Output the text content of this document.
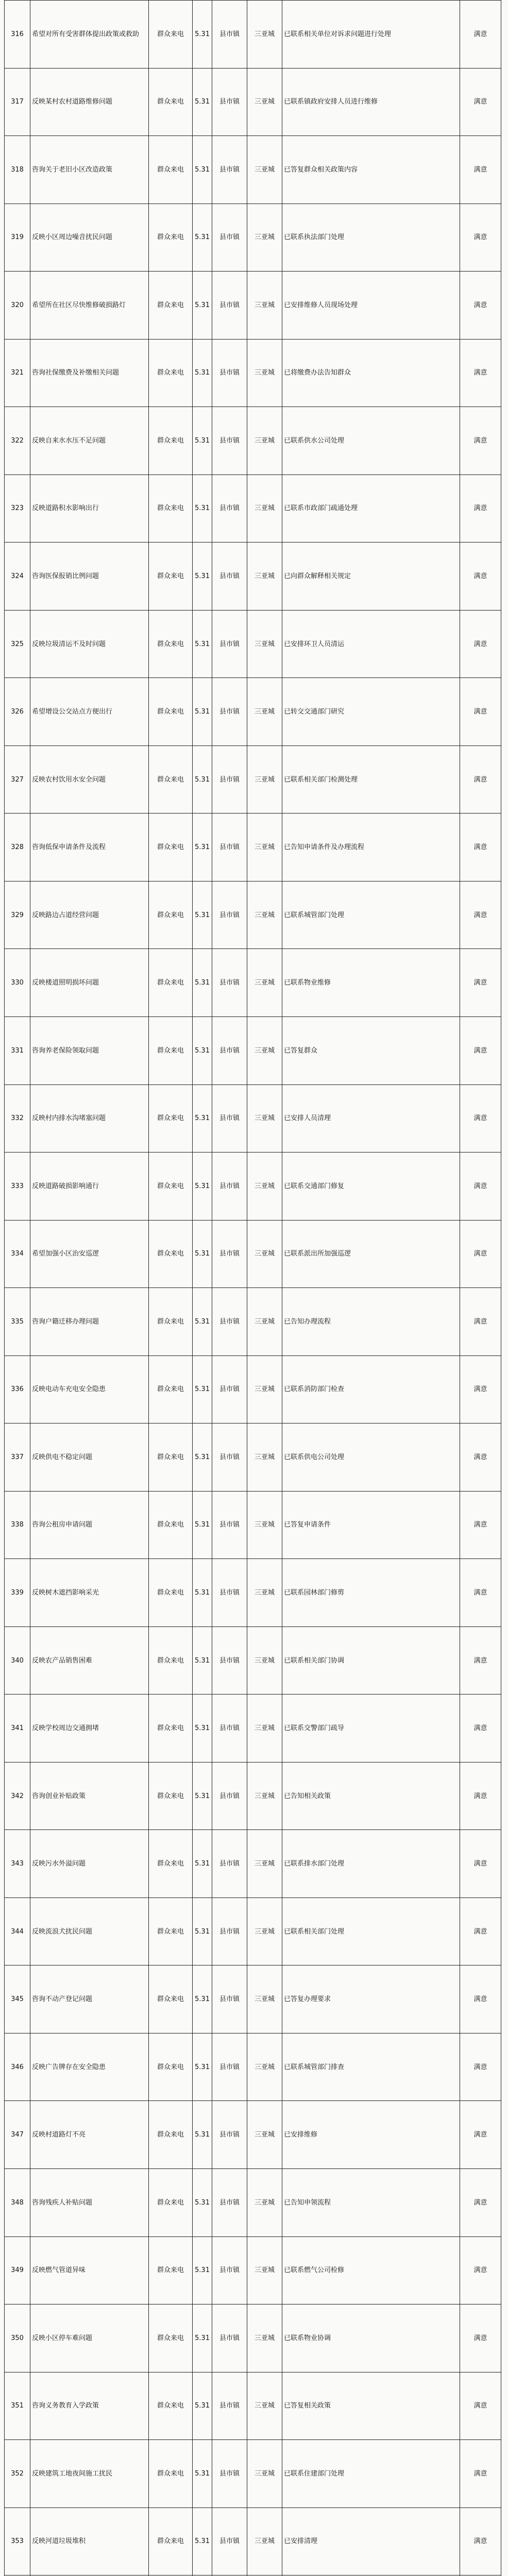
316	希望对所有受害群体提出政策或救助	群众来电	5.31	县市镇	三亚城	已联系相关单位对诉求问题进行处理	满意
317	反映某村农村道路维修问题	群众来电	5.31	县市镇	三亚城	已联系镇政府安排人员进行维修	满意
318	咨询关于老旧小区改造政策	群众来电	5.31	县市镇	三亚城	已答复群众相关政策内容	满意
319	反映小区周边噪音扰民问题	群众来电	5.31	县市镇	三亚城	已联系执法部门处理	满意
320	希望所在社区尽快维修破损路灯	群众来电	5.31	县市镇	三亚城	已安排维修人员现场处理	满意
321	咨询社保缴费及补缴相关问题	群众来电	5.31	县市镇	三亚城	已将缴费办法告知群众	满意
322	反映自来水水压不足问题	群众来电	5.31	县市镇	三亚城	已联系供水公司处理	满意
323	反映道路积水影响出行	群众来电	5.31	县市镇	三亚城	已联系市政部门疏通处理	满意
324	咨询医保报销比例问题	群众来电	5.31	县市镇	三亚城	已向群众解释相关规定	满意
325	反映垃圾清运不及时问题	群众来电	5.31	县市镇	三亚城	已安排环卫人员清运	满意
326	希望增设公交站点方便出行	群众来电	5.31	县市镇	三亚城	已转交交通部门研究	满意
327	反映农村饮用水安全问题	群众来电	5.31	县市镇	三亚城	已联系相关部门检测处理	满意
328	咨询低保申请条件及流程	群众来电	5.31	县市镇	三亚城	已告知申请条件及办理流程	满意
329	反映路边占道经营问题	群众来电	5.31	县市镇	三亚城	已联系城管部门处理	满意
330	反映楼道照明损坏问题	群众来电	5.31	县市镇	三亚城	已联系物业维修	满意
331	咨询养老保险领取问题	群众来电	5.31	县市镇	三亚城	已答复群众	满意
332	反映村内排水沟堵塞问题	群众来电	5.31	县市镇	三亚城	已安排人员清理	满意
333	反映道路破损影响通行	群众来电	5.31	县市镇	三亚城	已联系交通部门修复	满意
334	希望加强小区治安巡逻	群众来电	5.31	县市镇	三亚城	已联系派出所加强巡逻	满意
335	咨询户籍迁移办理问题	群众来电	5.31	县市镇	三亚城	已告知办理流程	满意
336	反映电动车充电安全隐患	群众来电	5.31	县市镇	三亚城	已联系消防部门检查	满意
337	反映供电不稳定问题	群众来电	5.31	县市镇	三亚城	已联系供电公司处理	满意
338	咨询公租房申请问题	群众来电	5.31	县市镇	三亚城	已答复申请条件	满意
339	反映树木遮挡影响采光	群众来电	5.31	县市镇	三亚城	已联系园林部门修剪	满意
340	反映农产品销售困难	群众来电	5.31	县市镇	三亚城	已联系相关部门协调	满意
341	反映学校周边交通拥堵	群众来电	5.31	县市镇	三亚城	已联系交警部门疏导	满意
342	咨询创业补贴政策	群众来电	5.31	县市镇	三亚城	已告知相关政策	满意
343	反映污水外溢问题	群众来电	5.31	县市镇	三亚城	已联系排水部门处理	满意
344	反映流浪犬扰民问题	群众来电	5.31	县市镇	三亚城	已联系相关部门处理	满意
345	咨询不动产登记问题	群众来电	5.31	县市镇	三亚城	已答复办理要求	满意
346	反映广告牌存在安全隐患	群众来电	5.31	县市镇	三亚城	已联系城管部门排查	满意
347	反映村道路灯不亮	群众来电	5.31	县市镇	三亚城	已安排维修	满意
348	咨询残疾人补贴问题	群众来电	5.31	县市镇	三亚城	已告知申领流程	满意
349	反映燃气管道异味	群众来电	5.31	县市镇	三亚城	已联系燃气公司检修	满意
350	反映小区停车难问题	群众来电	5.31	县市镇	三亚城	已联系物业协调	满意
351	咨询义务教育入学政策	群众来电	5.31	县市镇	三亚城	已答复相关政策	满意
352	反映建筑工地夜间施工扰民	群众来电	5.31	县市镇	三亚城	已联系住建部门处理	满意
353	反映河道垃圾堆积	群众来电	5.31	县市镇	三亚城	已安排清理	满意
